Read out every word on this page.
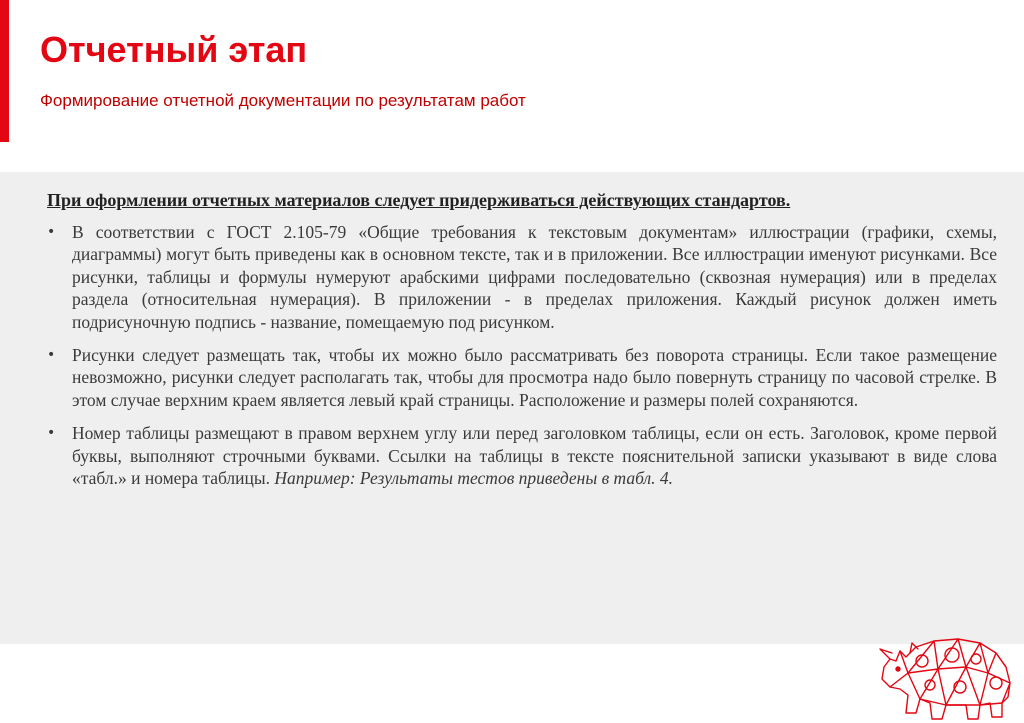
Отчетный этап

Формирование отчетной документации по результатам работ

При оформлении отчетных материалов следует придерживаться действующих стандартов.

• В соответствии с ГОСТ 2.105-79 «Общие требования к текстовым документам» иллюстрации (графики, схемы, диаграммы) могут быть приведены как в основном тексте, так и в приложении. Все иллюстрации именуют рисунками. Все рисунки, таблицы и формулы нумеруют арабскими цифрами последовательно (сквозная нумерация) или в пределах раздела (относительная нумерация). В приложении - в пределах приложения. Каждый рисунок должен иметь подрисуночную подпись - название, помещаемую под рисунком.
• Рисунки следует размещать так, чтобы их можно было рассматривать без поворота страницы. Если такое размещение невозможно, рисунки следует располагать так, чтобы для просмотра надо было повернуть страницу по часовой стрелке. В этом случае верхним краем является левый край страницы. Расположение и размеры полей сохраняются.
• Номер таблицы размещают в правом верхнем углу или перед заголовком таблицы, если он есть. Заголовок, кроме первой буквы, выполняют строчными буквами. Ссылки на таблицы в тексте пояснительной записки указывают в виде слова «табл.» и номера таблицы. Например: Результаты тестов приведены в табл. 4.
